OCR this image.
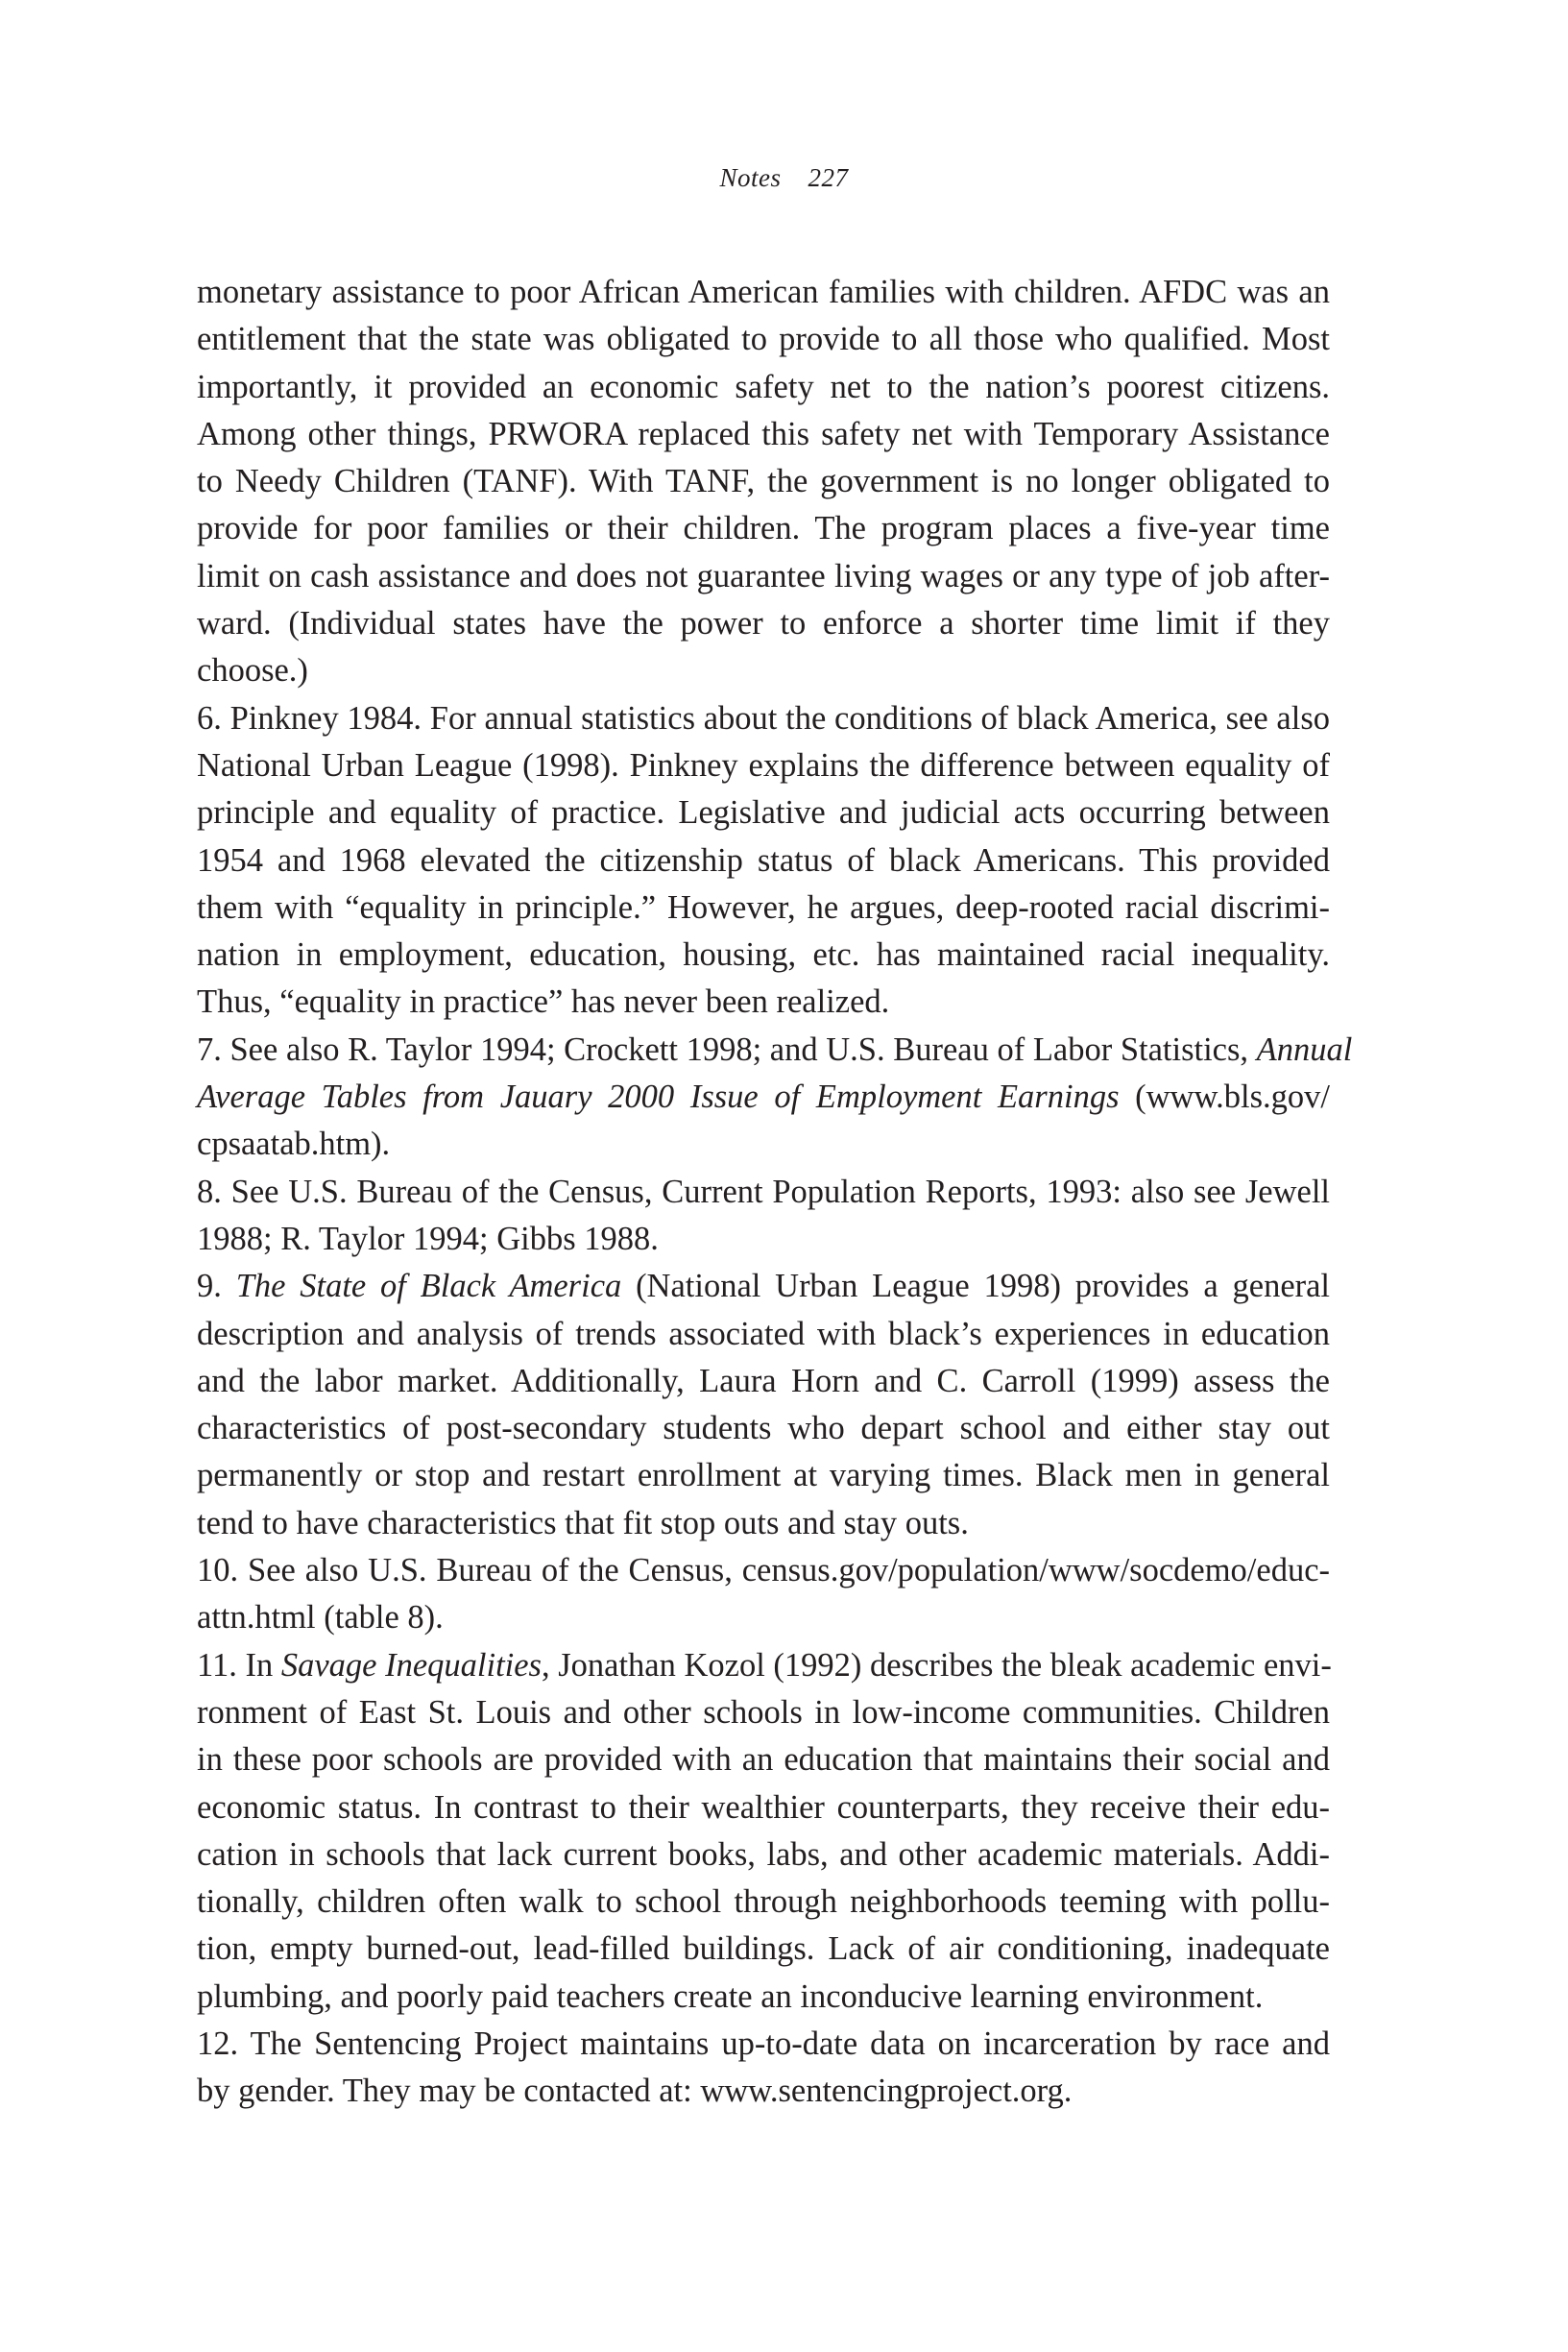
Notes 227
monetary assistance to poor African American families with children. AFDC was an
entitlement that the state was obligated to provide to all those who qualified. Most
importantly, it provided an economic safety net to the nation’s poorest citizens.
Among other things, PRWORA replaced this safety net with Temporary Assistance
to Needy Children (TANF). With TANF, the government is no longer obligated to
provide for poor families or their children. The program places a five-year time
limit on cash assistance and does not guarantee living wages or any type of job after-
ward. (Individual states have the power to enforce a shorter time limit if they
choose.)
6. Pinkney 1984. For annual statistics about the conditions of black America, see also
National Urban League (1998). Pinkney explains the difference between equality of
principle and equality of practice. Legislative and judicial acts occurring between
1954 and 1968 elevated the citizenship status of black Americans. This provided
them with “equality in principle.” However, he argues, deep-rooted racial discrimi-
nation in employment, education, housing, etc. has maintained racial inequality.
Thus, “equality in practice” has never been realized.
7. See also R. Taylor 1994; Crockett 1998; and U.S. Bureau of Labor Statistics, Annual
Average Tables from Jauary 2000 Issue of Employment Earnings (www.bls.gov/
cpsaatab.htm).
8. See U.S. Bureau of the Census, Current Population Reports, 1993: also see Jewell
1988; R. Taylor 1994; Gibbs 1988.
9. The State of Black America (National Urban League 1998) provides a general
description and analysis of trends associated with black’s experiences in education
and the labor market. Additionally, Laura Horn and C. Carroll (1999) assess the
characteristics of post-secondary students who depart school and either stay out
permanently or stop and restart enrollment at varying times. Black men in general
tend to have characteristics that fit stop outs and stay outs.
10. See also U.S. Bureau of the Census, census.gov/population/www/socdemo/educ-
attn.html (table 8).
11. In Savage Inequalities, Jonathan Kozol (1992) describes the bleak academic envi-
ronment of East St. Louis and other schools in low-income communities. Children
in these poor schools are provided with an education that maintains their social and
economic status. In contrast to their wealthier counterparts, they receive their edu-
cation in schools that lack current books, labs, and other academic materials. Addi-
tionally, children often walk to school through neighborhoods teeming with pollu-
tion, empty burned-out, lead-filled buildings. Lack of air conditioning, inadequate
plumbing, and poorly paid teachers create an inconducive learning environment.
12. The Sentencing Project maintains up-to-date data on incarceration by race and
by gender. They may be contacted at: www.sentencingproject.org.
